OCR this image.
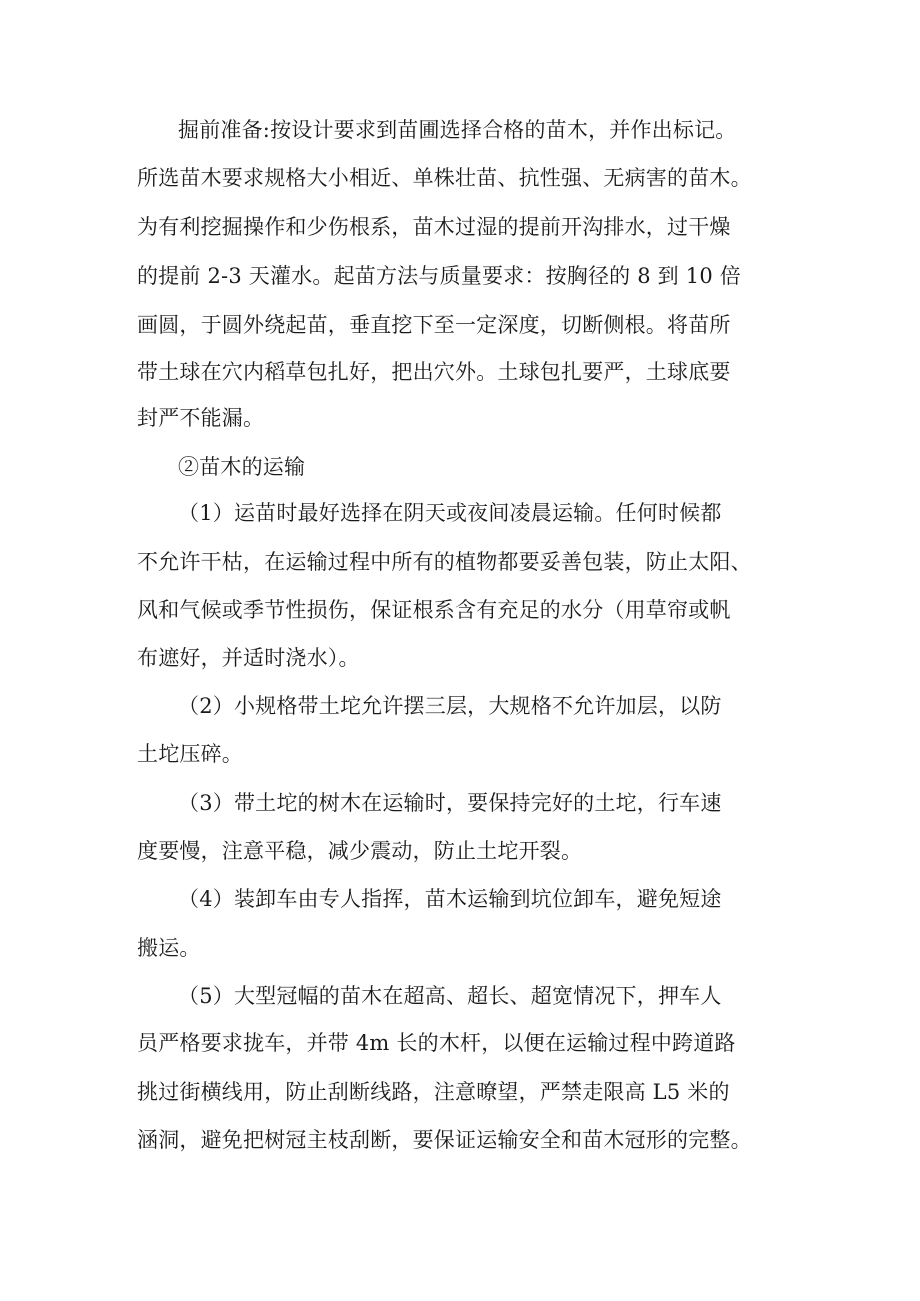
掘前准备:按设计要求到苗圃选择合格的苗木，并作出标记。
所选苗木要求规格大小相近、单株壮苗、抗性强、无病害的苗木。
为有利挖掘操作和少伤根系，苗木过湿的提前开沟排水，过干燥
的提前 2-3 天灌水。起苗方法与质量要求：按胸径的 8 到 10 倍
画圆，于圆外绕起苗，垂直挖下至一定深度，切断侧根。将苗所
带土球在穴内稻草包扎好，把出穴外。土球包扎要严，土球底要
封严不能漏。
②苗木的运输
（1）运苗时最好选择在阴天或夜间凌晨运输。任何时候都
不允许干枯，在运输过程中所有的植物都要妥善包装，防止太阳、
风和气候或季节性损伤，保证根系含有充足的水分（用草帘或帆
布遮好，并适时浇水）。
（2）小规格带土坨允许摆三层，大规格不允许加层，以防
土坨压碎。
（3）带土坨的树木在运输时，要保持完好的土坨，行车速
度要慢，注意平稳，减少震动，防止土坨开裂。
（4）装卸车由专人指挥，苗木运输到坑位卸车，避免短途
搬运。
（5）大型冠幅的苗木在超高、超长、超宽情况下，押车人
员严格要求拢车，并带 4m 长的木杆，以便在运输过程中跨道路
挑过街横线用，防止刮断线路，注意暸望，严禁走限高 L5 米的
涵洞，避免把树冠主枝刮断，要保证运输安全和苗木冠形的完整。
